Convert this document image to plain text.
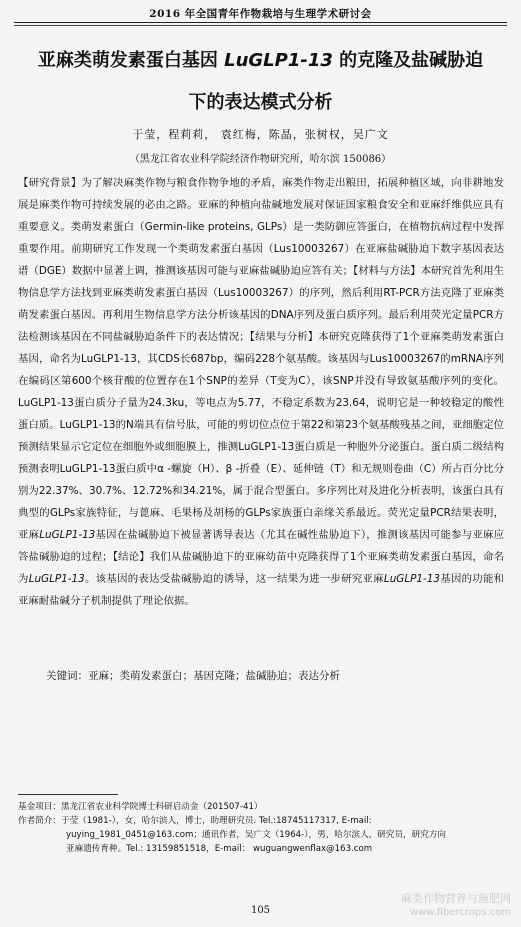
2016 年全国青年作物栽培与生理学术研讨会
亚麻类萌发素蛋白基因 LuGLP1-13 的克隆及盐碱胁迫
下的表达模式分析
于莹，程莉莉， 袁红梅，陈晶，张树权，吴广文
（黑龙江省农业科学院经济作物研究所，哈尔滨 150086）
【研究背景】为了解决麻类作物与粮食作物争地的矛盾，麻类作物走出粮田，拓展种植区域，向非耕地发展是麻类作物可持续发展的必由之路。亚麻的种植向盐碱地发展对保证国家粮食安全和亚麻纤维供应具有重要意义。类萌发素蛋白（Germin-like proteins, GLPs）是一类防御应答蛋白，在植物抗病过程中发挥重要作用。前期研究工作发现一个类萌发素蛋白基因（Lus10003267）在亚麻盐碱胁迫下数字基因表达谱（DGE）数据中显著上调，推测该基因可能与亚麻盐碱胁迫应答有关；【材料与方法】本研究首先利用生物信息学方法找到亚麻类萌发素蛋白基因（Lus10003267）的序列，然后利用RT-PCR方法克隆了亚麻类萌发素蛋白基因。再利用生物信息学方法分析该基因的DNA序列及蛋白质序列。最后利用荧光定量PCR方法检测该基因在不同盐碱胁迫条件下的表达情况；【结果与分析】本研究克隆获得了1个亚麻类萌发素蛋白基因，命名为LuGLP1-13，其CDS长687bp，编码228个氨基酸。该基因与Lus10003267的mRNA序列在编码区第600个核苷酸的位置存在1个SNP的差异（T变为C），该SNP并没有导致氨基酸序列的变化。LuGLP1-13蛋白质分子量为24.3ku，等电点为5.77，不稳定系数为23.64，说明它是一种较稳定的酸性蛋白质。LuGLP1-13的N端具有信号肽，可能的剪切位点位于第22和第23个氨基酸残基之间，亚细胞定位预测结果显示它定位在细胞外或细胞膜上，推测LuGLP1-13蛋白质是一种胞外分泌蛋白。蛋白质二级结构预测表明LuGLP1-13蛋白质中α -螺旋（H）、β -折叠（E）、延伸链（T）和无规则卷曲（C）所占百分比分别为22.37%、30.7%、12.72%和34.21%，属于混合型蛋白。多序列比对及进化分析表明，该蛋白具有典型的GLPs家族特征，与蓖麻、毛果杨及胡杨的GLPs家族蛋白亲缘关系最近。荧光定量PCR结果表明，亚麻LuGLP1-13基因在盐碱胁迫下被显著诱导表达（尤其在碱性盐胁迫下），推测该基因可能参与亚麻应答盐碱胁迫的过程；【结论】我们从盐碱胁迫下的亚麻幼苗中克隆获得了1个亚麻类萌发素蛋白基因，命名为LuGLP1-13。该基因的表达受盐碱胁迫的诱导，这一结果为进一步研究亚麻LuGLP1-13基因的功能和亚麻耐盐碱分子机制提供了理论依据。
关键词：亚麻；类萌发素蛋白；基因克隆；盐碱胁迫；表达分析
基金项目：黑龙江省农业科学院博士科研启动金（201507-41）
作者简介：于莹（1981-），女，哈尔滨人，博士，助理研究员. Tel.:18745117317, E-mail:
yuying_1981_0451@163.com；通讯作者，吴广文（1964-），男，哈尔滨人，研究员，研究方向
亚麻遗传育种。Tel.: 13159851518，E-mail： wuguangwenflax@163.com
105
麻类作物营养与施肥网
www.fibercrops.com
